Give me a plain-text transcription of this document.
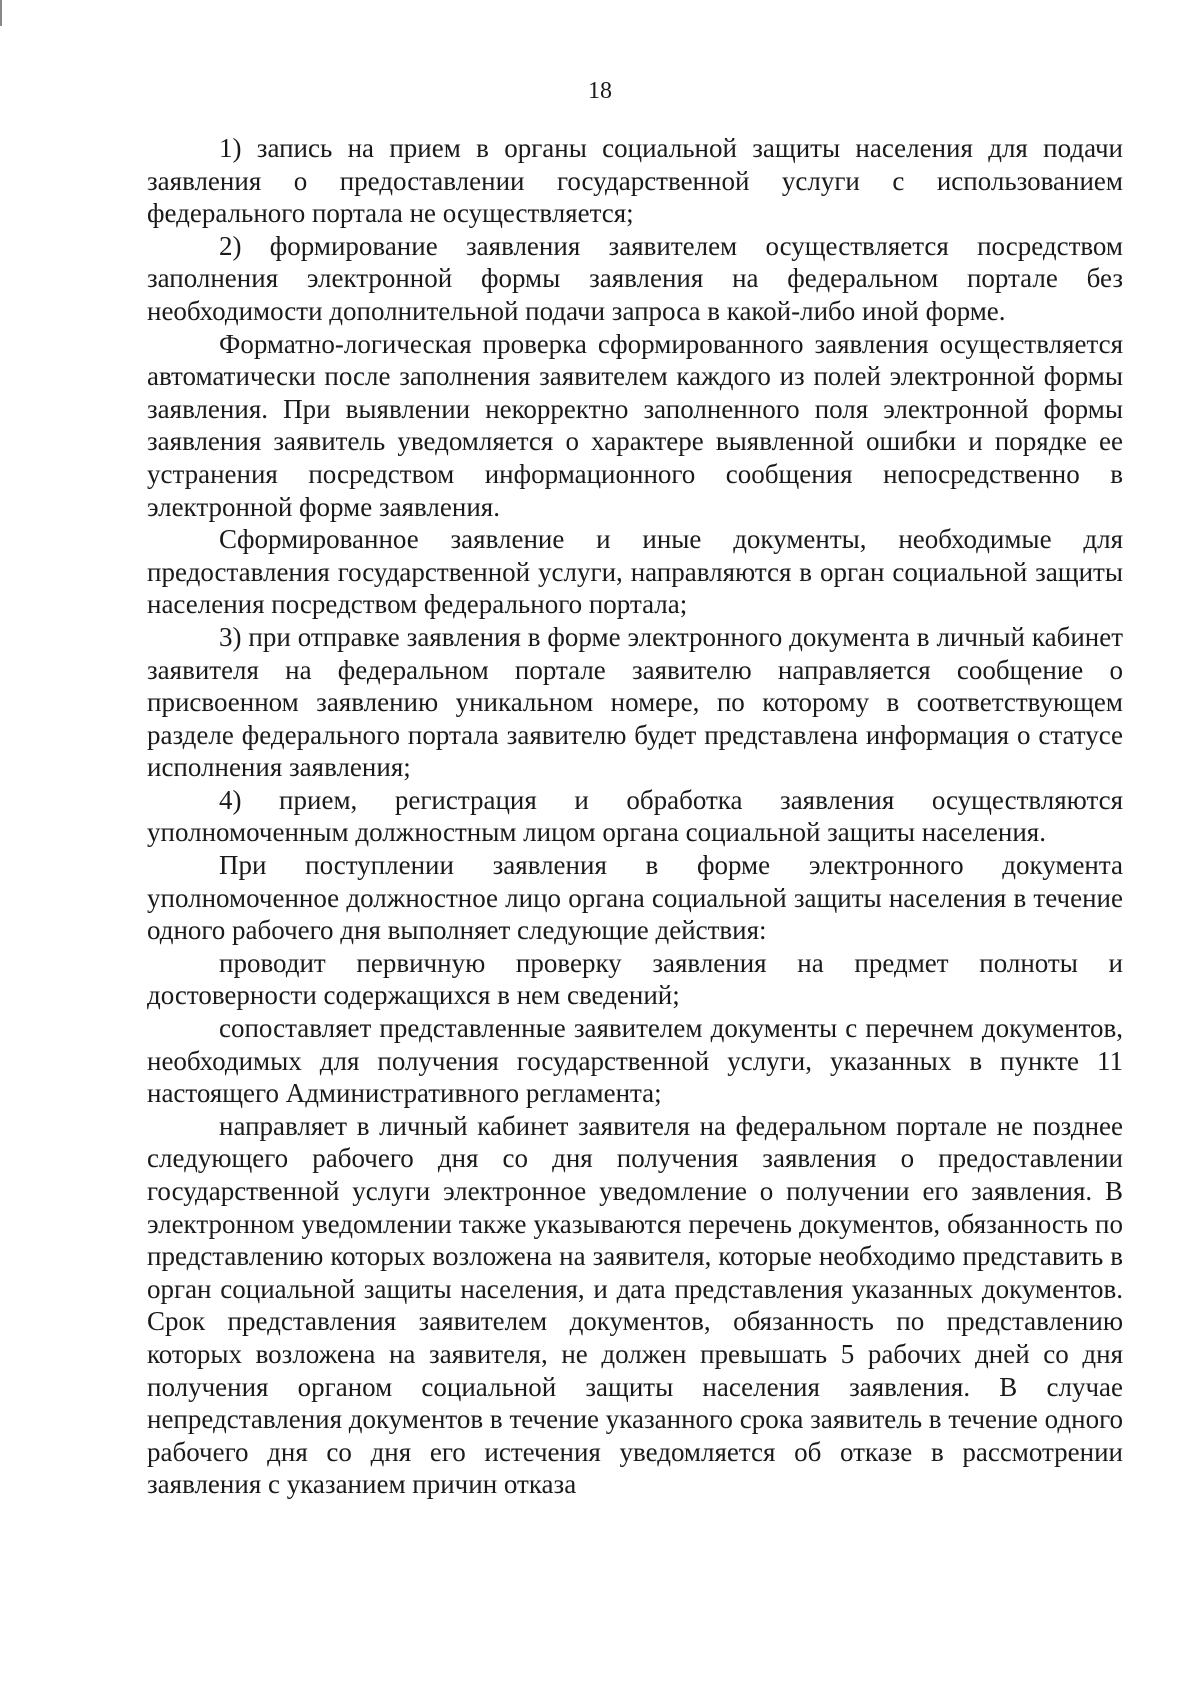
18

1) запись на прием в органы социальной защиты населения для подачи заявления о предоставлении государственной услуги с использованием федерального портала не осуществляется;

2) формирование заявления заявителем осуществляется посредством заполнения электронной формы заявления на федеральном портале без необходимости дополнительной подачи запроса в какой-либо иной форме.

Форматно-логическая проверка сформированного заявления осуществляется автоматически после заполнения заявителем каждого из полей электронной формы заявления. При выявлении некорректно заполненного поля электронной формы заявления заявитель уведомляется о характере выявленной ошибки и порядке ее устранения посредством информационного сообщения непосредственно в электронной форме заявления.

Сформированное заявление и иные документы, необходимые для предоставления государственной услуги, направляются в орган социальной защиты населения посредством федерального портала;

3) при отправке заявления в форме электронного документа в личный кабинет заявителя на федеральном портале заявителю направляется сообщение о присвоенном заявлению уникальном номере, по которому в соответствующем разделе федерального портала заявителю будет представлена информация о статусе исполнения заявления;

4) прием, регистрация и обработка заявления осуществляются уполномоченным должностным лицом органа социальной защиты населения.

При поступлении заявления в форме электронного документа уполномоченное должностное лицо органа социальной защиты населения в течение одного рабочего дня выполняет следующие действия:

проводит первичную проверку заявления на предмет полноты и достоверности содержащихся в нем сведений;

сопоставляет представленные заявителем документы с перечнем документов, необходимых для получения государственной услуги, указанных в пункте 11 настоящего Административного регламента;

направляет в личный кабинет заявителя на федеральном портале не позднее следующего рабочего дня со дня получения заявления о предоставлении государственной услуги электронное уведомление о получении его заявления. В электронном уведомлении также указываются перечень документов, обязанность по представлению которых возложена на заявителя, которые необходимо представить в орган социальной защиты населения, и дата представления указанных документов. Срок представления заявителем документов, обязанность по представлению которых возложена на заявителя, не должен превышать 5 рабочих дней со дня получения органом социальной защиты населения заявления. В случае непредставления документов в течение указанного срока заявитель в течение одного рабочего дня со дня его истечения уведомляется об отказе в рассмотрении заявления с указанием причин отказа
